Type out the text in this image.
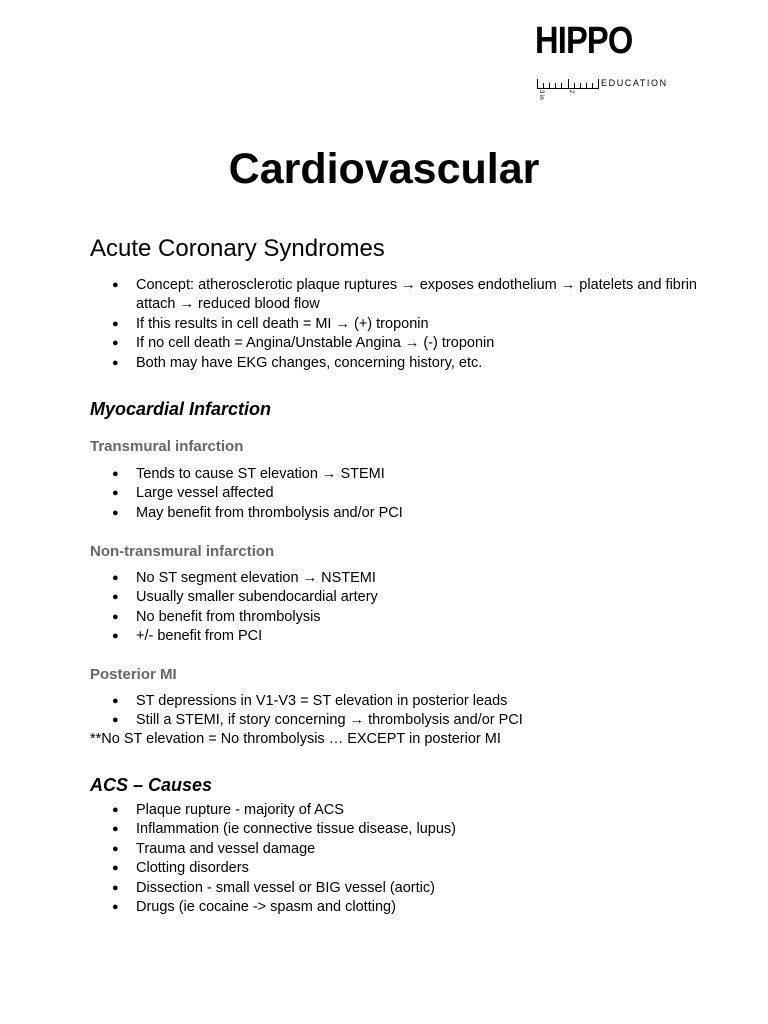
HIPPO
EDUCATION
3 in	2
Cardiovascular
Acute Coronary Syndromes
● Concept: atherosclerotic plaque ruptures → exposes endothelium → platelets and fibrin attach → reduced blood flow
● If this results in cell death = MI → (+) troponin
● If no cell death = Angina/Unstable Angina → (-) troponin
● Both may have EKG changes, concerning history, etc.
Myocardial Infarction
Transmural infarction
● Tends to cause ST elevation → STEMI
● Large vessel affected
● May benefit from thrombolysis and/or PCI
Non-transmural infarction
● No ST segment elevation → NSTEMI
● Usually smaller subendocardial artery
● No benefit from thrombolysis
● +/- benefit from PCI
Posterior MI
● ST depressions in V1-V3 = ST elevation in posterior leads
● Still a STEMI, if story concerning → thrombolysis and/or PCI

**No ST elevation = No thrombolysis … EXCEPT in posterior MI

ACS – Causes
● Plaque rupture - majority of ACS
● Inflammation (ie connective tissue disease, lupus)
● Trauma and vessel damage
● Clotting disorders
● Dissection - small vessel or BIG vessel (aortic)
● Drugs (ie cocaine -> spasm and clotting)
